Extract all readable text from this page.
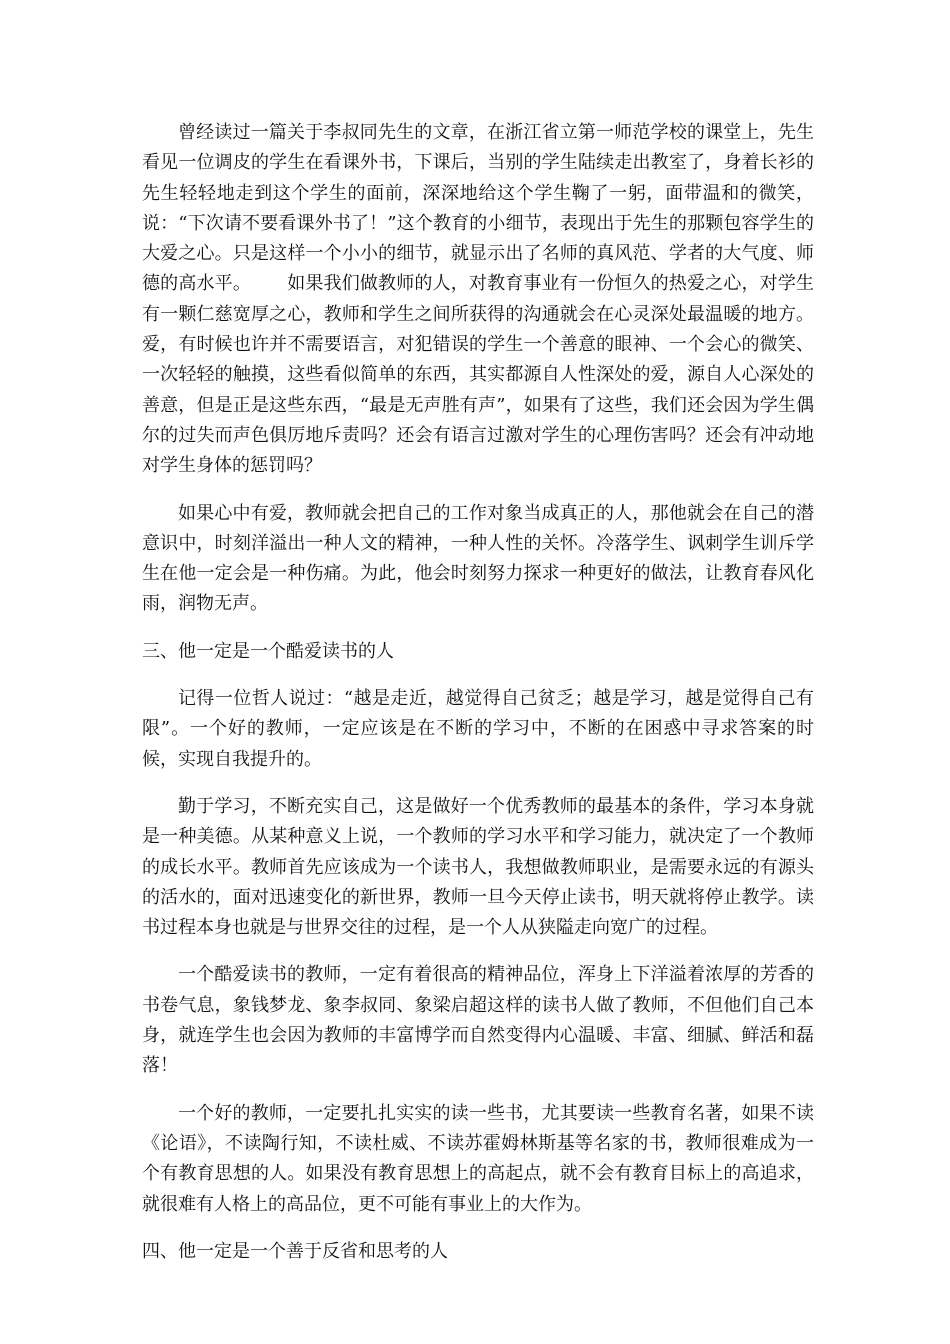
曾经读过一篇关于李叔同先生的文章，在浙江省立第一师范学校的课堂上，先生看见一位调皮的学生在看课外书，下课后，当别的学生陆续走出教室了，身着长衫的先生轻轻地走到这个学生的面前，深深地给这个学生鞠了一躬，面带温和的微笑，说：“下次请不要看课外书了！”这个教育的小细节，表现出于先生的那颗包容学生的大爱之心。只是这样一个小小的细节，就显示出了名师的真风范、学者的大气度、师德的高水平。 如果我们做教师的人，对教育事业有一份恒久的热爱之心，对学生有一颗仁慈宽厚之心，教师和学生之间所获得的沟通就会在心灵深处最温暖的地方。爱，有时候也许并不需要语言，对犯错误的学生一个善意的眼神、一个会心的微笑、一次轻轻的触摸，这些看似简单的东西，其实都源自人性深处的爱，源自人心深处的善意，但是正是这些东西，“最是无声胜有声”，如果有了这些，我们还会因为学生偶尔的过失而声色俱厉地斥责吗？还会有语言过激对学生的心理伤害吗？还会有冲动地对学生身体的惩罚吗？

如果心中有爱，教师就会把自己的工作对象当成真正的人，那他就会在自己的潜意识中，时刻洋溢出一种人文的精神，一种人性的关怀。冷落学生、讽刺学生训斥学生在他一定会是一种伤痛。为此，他会时刻努力探求一种更好的做法，让教育春风化雨，润物无声。

三、他一定是一个酷爱读书的人

记得一位哲人说过：“越是走近，越觉得自己贫乏；越是学习，越是觉得自己有限”。一个好的教师，一定应该是在不断的学习中，不断的在困惑中寻求答案的时候，实现自我提升的。

勤于学习，不断充实自己，这是做好一个优秀教师的最基本的条件，学习本身就是一种美德。从某种意义上说，一个教师的学习水平和学习能力，就决定了一个教师的成长水平。教师首先应该成为一个读书人，我想做教师职业，是需要永远的有源头的活水的，面对迅速变化的新世界，教师一旦今天停止读书，明天就将停止教学。读书过程本身也就是与世界交往的过程，是一个人从狭隘走向宽广的过程。

一个酷爱读书的教师，一定有着很高的精神品位，浑身上下洋溢着浓厚的芳香的书卷气息，象钱梦龙、象李叔同、象梁启超这样的读书人做了教师，不但他们自己本身，就连学生也会因为教师的丰富博学而自然变得内心温暖、丰富、细腻、鲜活和磊落！

一个好的教师，一定要扎扎实实的读一些书，尤其要读一些教育名著，如果不读《论语》，不读陶行知，不读杜威、不读苏霍姆林斯基等名家的书，教师很难成为一个有教育思想的人。如果没有教育思想上的高起点，就不会有教育目标上的高追求，就很难有人格上的高品位，更不可能有事业上的大作为。

四、他一定是一个善于反省和思考的人
